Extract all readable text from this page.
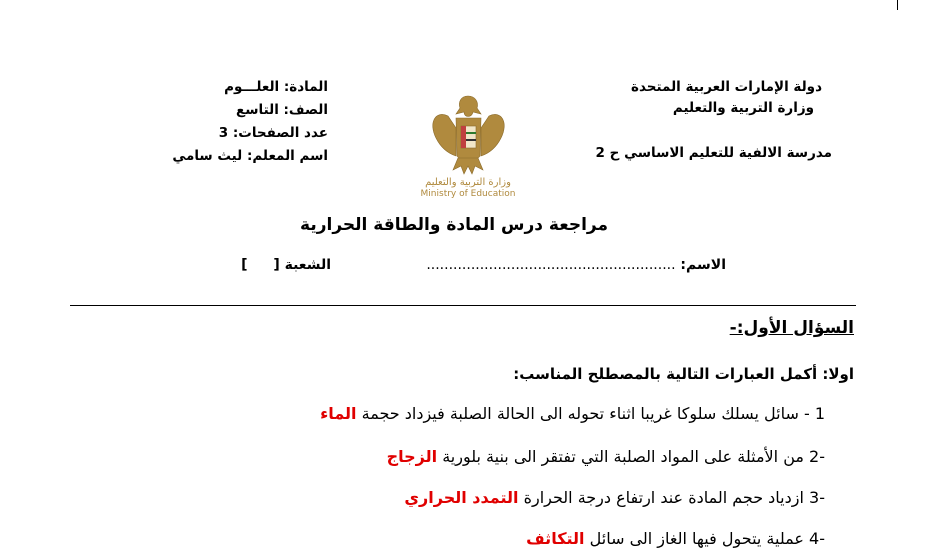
دولة الإمارات العربية المتحدة
وزارة التربية والتعليم
مدرسة الالفية للتعليم الاساسي ح 2
المادة: العلـــوم
الصف: التاسع
عدد الصفحات: 3
اسم المعلم: ليث سامي
وزارة التربية والتعليم
Ministry of Education
مراجعة درس المادة والطاقة الحرارية
الاسم: ........................................................
الشعبة [  ]
السؤال الأول:-
اولا: أكمل العبارات التالية بالمصطلح المناسب:
1 - سائل يسلك سلوكا غريبا اثناء تحوله الى الحالة الصلبة فيزداد حجمة الماء
-2 من الأمثلة على المواد الصلبة التي تفتقر الى بنية بلورية الزجاج
-3 ازدياد حجم المادة عند ارتفاع درجة الحرارة التمدد الحراري
-4 عملية يتحول فيها الغاز الى سائل التكاثف
